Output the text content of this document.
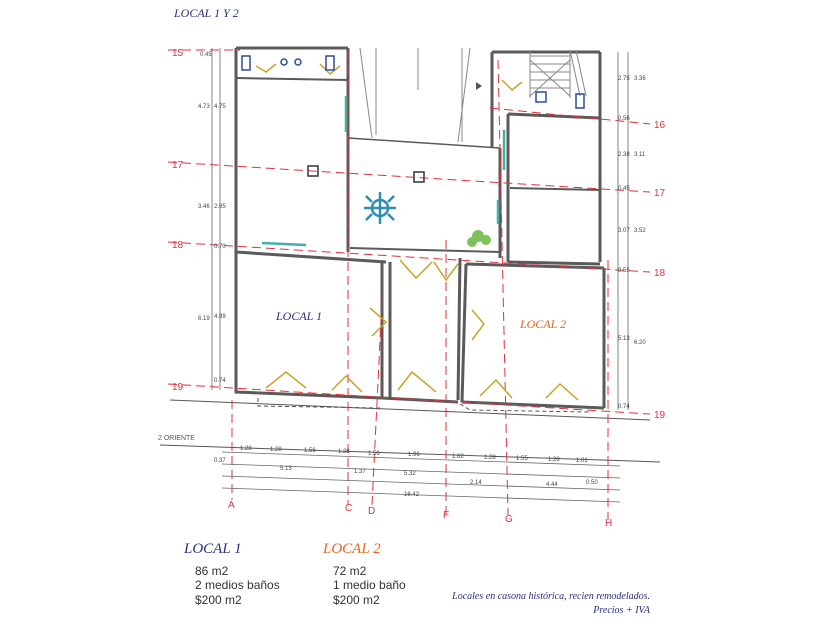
LOCAL 1 Y 2
15
17
18
19
16
17
18
19
A	C D	F	G	H
0.45
4.73 4.75
3.46 2.95
0.70
6.19 4.99
0.74
2.75 3.36
0.56
2.38 3.11
0.45
3.07 3.52
0.55
5.13
6.20
0.74
0.37
1.28	1.28	1.56	1.28	1.56	1.96	1.62	1.28	1.55	1.28	1.01
5.13	1.37	5.32
0.50
2.14	4.44
16.42
2 ORIENTE
LOCAL 1
LOCAL 2
LOCAL 1
86 m2
2 medios baños
$200 m2
LOCAL 2
72 m2
1 medio baño
$200 m2	Locales en casona histórica, recien remodelados.
Precios + IVA
